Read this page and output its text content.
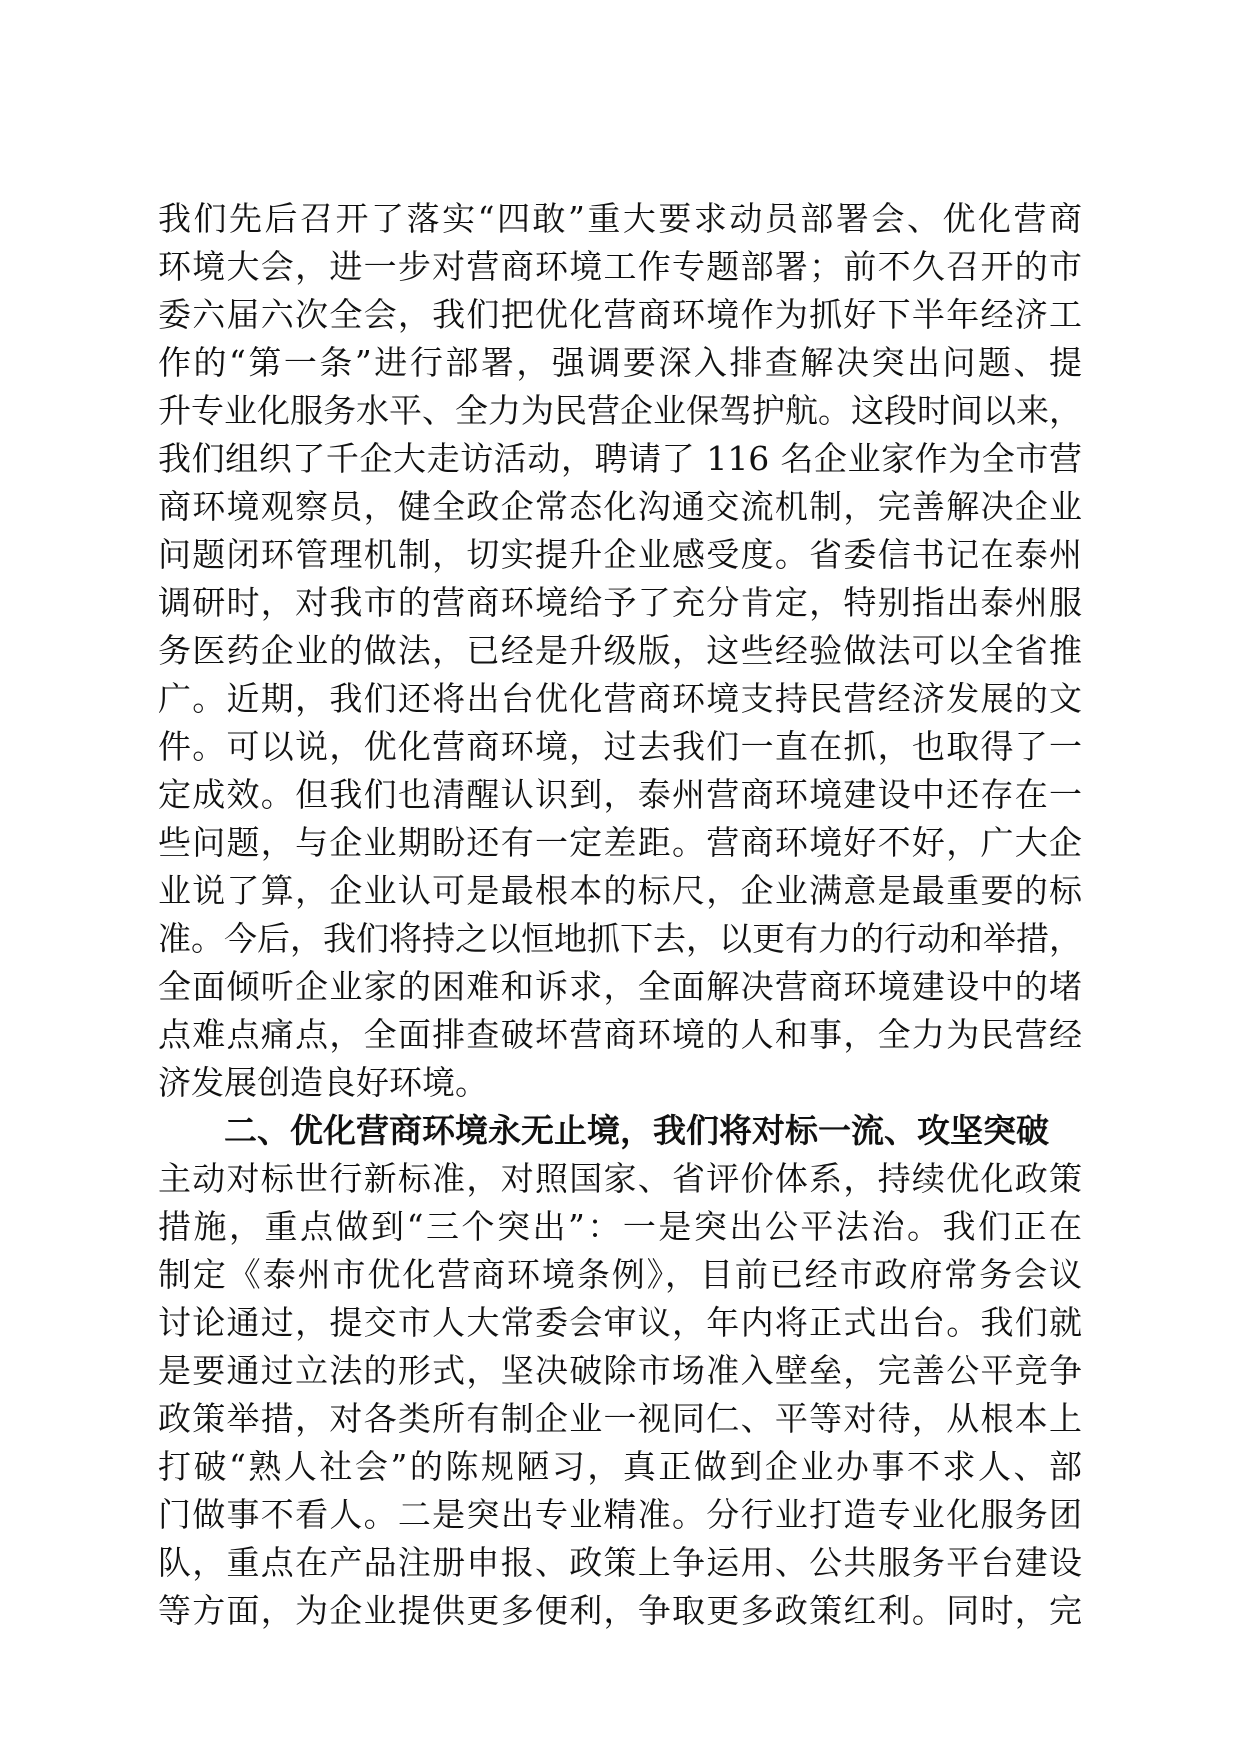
我们先后召开了落实“四敢”重大要求动员部署会、优化营商
环境大会，进一步对营商环境工作专题部署；前不久召开的市
委六届六次全会，我们把优化营商环境作为抓好下半年经济工
作的“第一条”进行部署，强调要深入排查解决突出问题、提
升专业化服务水平、全力为民营企业保驾护航。这段时间以来，
我们组织了千企大走访活动，聘请了 116 名企业家作为全市营
商环境观察员，健全政企常态化沟通交流机制，完善解决企业
问题闭环管理机制，切实提升企业感受度。省委信书记在泰州
调研时，对我市的营商环境给予了充分肯定，特别指出泰州服
务医药企业的做法，已经是升级版，这些经验做法可以全省推
广。近期，我们还将出台优化营商环境支持民营经济发展的文
件。可以说，优化营商环境，过去我们一直在抓，也取得了一
定成效。但我们也清醒认识到，泰州营商环境建设中还存在一
些问题，与企业期盼还有一定差距。营商环境好不好，广大企
业说了算，企业认可是最根本的标尺，企业满意是最重要的标
准。今后，我们将持之以恒地抓下去，以更有力的行动和举措，
全面倾听企业家的困难和诉求，全面解决营商环境建设中的堵
点难点痛点，全面排查破坏营商环境的人和事，全力为民营经
济发展创造良好环境。
二、优化营商环境永无止境，我们将对标一流、攻坚突破
主动对标世行新标准，对照国家、省评价体系，持续优化政策
措施，重点做到“三个突出”：一是突出公平法治。我们正在
制定《泰州市优化营商环境条例》，目前已经市政府常务会议
讨论通过，提交市人大常委会审议，年内将正式出台。我们就
是要通过立法的形式，坚决破除市场准入壁垒，完善公平竞争
政策举措，对各类所有制企业一视同仁、平等对待，从根本上
打破“熟人社会”的陈规陋习，真正做到企业办事不求人、部
门做事不看人。二是突出专业精准。分行业打造专业化服务团
队，重点在产品注册申报、政策上争运用、公共服务平台建设
等方面，为企业提供更多便利，争取更多政策红利。同时，完
